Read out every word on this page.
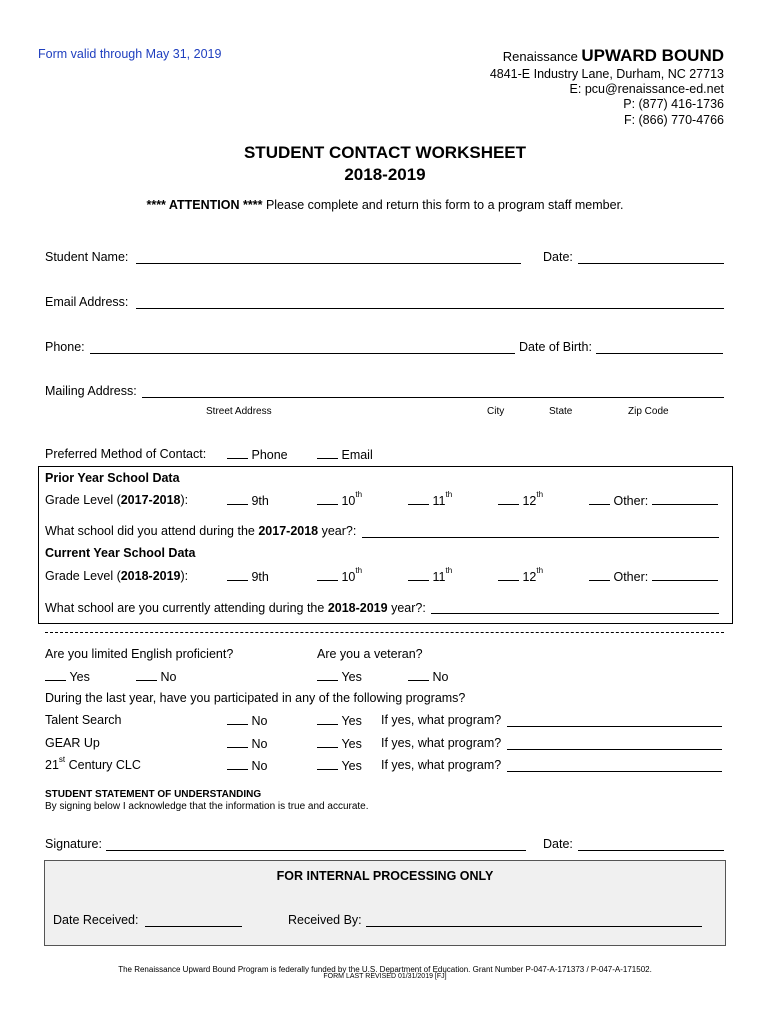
Form valid through May 31, 2019	Renaissance UPWARD BOUND
4841-E Industry Lane, Durham, NC 27713
E: pcu@renaissance-ed.net
P: (877) 416-1736
F: (866) 770-4766
STUDENT CONTACT WORKSHEET
2018-2019
**** ATTENTION **** Please complete and return this form to a program staff member.
Student Name:	Date:
Email Address:
Phone:	Date of Birth:
Mailing Address:
Street Address	City	State	Zip Code
Preferred Method of Contact:	Phone	Email
Prior Year School Data
Grade Level (2017-2018):	9th	10th	11th	12th	Other:
What school did you attend during the 2017-2018 year?:
Current Year School Data
Grade Level (2018-2019):	9th	10th	11th	12th	Other:
What school are you currently attending during the 2018-2019 year?:
Are you limited English proficient?	Are you a veteran?
Yes	No	Yes	No
During the last year, have you participated in any of the following programs?
Talent Search	No	Yes If yes, what program?
GEAR Up	No	Yes If yes, what program?
21st Century CLC	No	Yes If yes, what program?
STUDENT STATEMENT OF UNDERSTANDING
By signing below I acknowledge that the information is true and accurate.
Signature:	Date:
FOR INTERNAL PROCESSING ONLY
Date Received:	Received By:
The Renaissance Upward Bound Program is federally funded by the U.S. Department of Education. Grant Number P-047-A-171373 / P-047-A-171502.
FORM LAST REVISED 01/31/2019 [FJ]
